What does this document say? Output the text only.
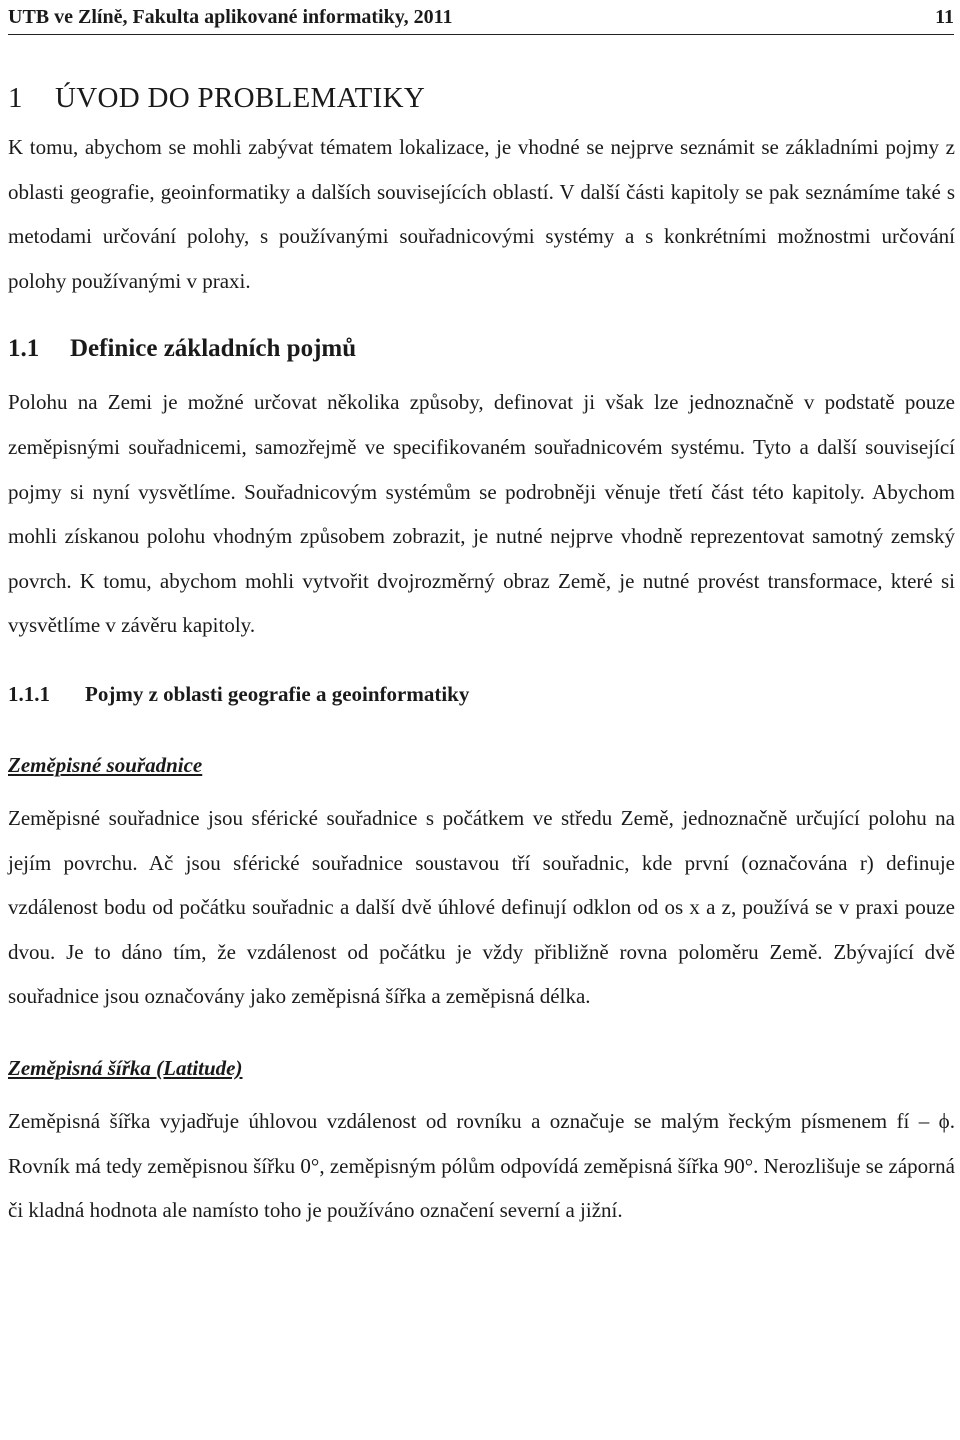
UTB ve Zlíně, Fakulta aplikované informatiky, 2011	11
1 ÚVOD DO PROBLEMATIKY

K tomu, abychom se mohli zabývat tématem lokalizace, je vhodné se nejprve seznámit se základními pojmy z oblasti geografie, geoinformatiky a dalších souvisejících oblastí. V další části kapitoly se pak seznámíme také s metodami určování polohy, s používanými souřadnicovými systémy a s konkrétními možnostmi určování polohy používanými v praxi.

1.1 Definice základních pojmů

Polohu na Zemi je možné určovat několika způsoby, definovat ji však lze jednoznačně v podstatě pouze zeměpisnými souřadnicemi, samozřejmě ve specifikovaném souřadnicovém systému. Tyto a další související pojmy si nyní vysvětlíme. Souřadnicovým systémům se podrobněji věnuje třetí část této kapitoly. Abychom mohli získanou polohu vhodným způsobem zobrazit, je nutné nejprve vhodně reprezentovat samotný zemský povrch. K tomu, abychom mohli vytvořit dvojrozměrný obraz Země, je nutné provést transformace, které si vysvětlíme v závěru kapitoly.

1.1.1 Pojmy z oblasti geografie a geoinformatiky
Zeměpisné souřadnice

Zeměpisné souřadnice jsou sférické souřadnice s počátkem ve středu Země, jednoznačně určující polohu na jejím povrchu. Ač jsou sférické souřadnice soustavou tří souřadnic, kde první (označována r) definuje vzdálenost bodu od počátku souřadnic a další dvě úhlové definují odklon od os x a z, používá se v praxi pouze dvou. Je to dáno tím, že vzdálenost od počátku je vždy přibližně rovna poloměru Země. Zbývající dvě souřadnice jsou označovány jako zeměpisná šířka a zeměpisná délka.

Zeměpisná šířka (Latitude)

Zeměpisná šířka vyjadřuje úhlovou vzdálenost od rovníku a označuje se malým řeckým písmenem fí – ϕ. Rovník má tedy zeměpisnou šířku 0°, zeměpisným pólům odpovídá zeměpisná šířka 90°. Nerozlišuje se záporná či kladná hodnota ale namísto toho je používáno označení severní a jižní.
